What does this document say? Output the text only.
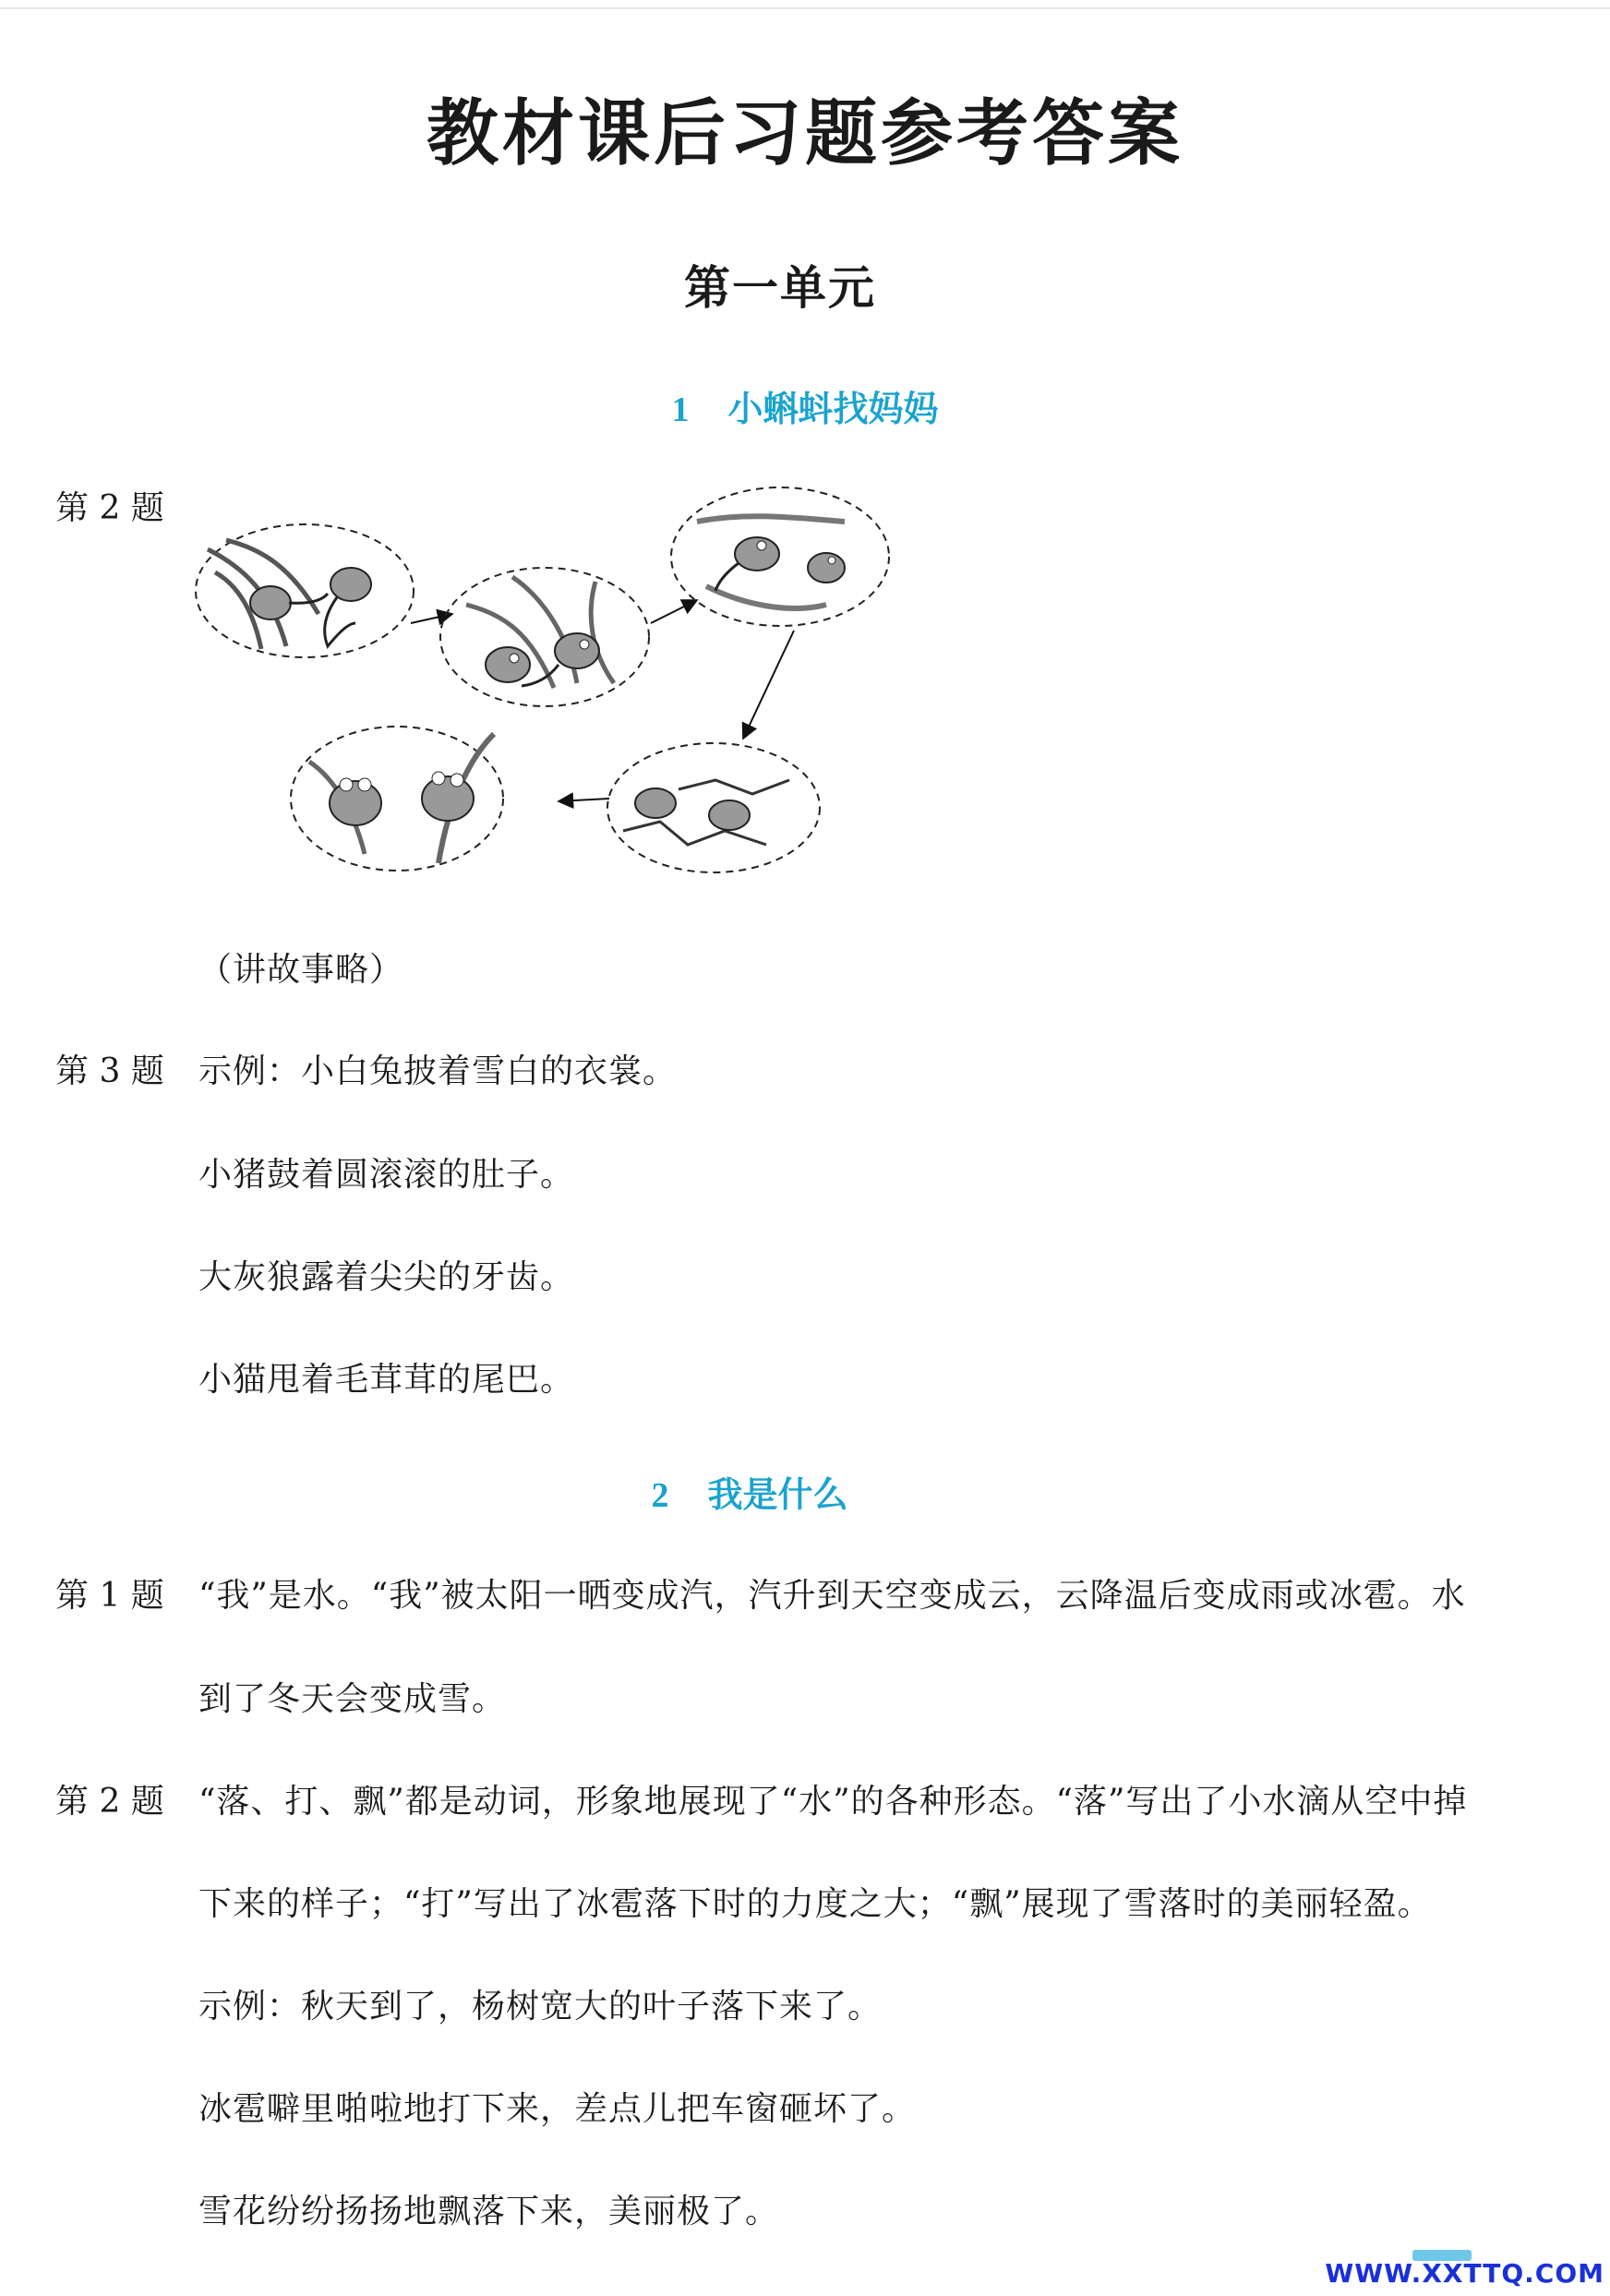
教材课后习题参考答案
第一单元
1 小蝌蚪找妈妈
第 2 题
（讲故事略）
第 3 题 示例：小白兔披着雪白的衣裳。
小猪鼓着圆滚滚的肚子。
大灰狼露着尖尖的牙齿。
小猫甩着毛茸茸的尾巴。
2 我是什么
第 1 题 “我”是水。“我”被太阳一晒变成汽，汽升到天空变成云，云降温后变成雨或冰雹。水
到了冬天会变成雪。
第 2 题 “落、打、飘”都是动词，形象地展现了“水”的各种形态。“落”写出了小水滴从空中掉
下来的样子；“打”写出了冰雹落下时的力度之大；“飘”展现了雪落时的美丽轻盈。
示例：秋天到了，杨树宽大的叶子落下来了。
冰雹噼里啪啦地打下来，差点儿把车窗砸坏了。
雪花纷纷扬扬地飘落下来，美丽极了。
WWW.XXTTQ.COM
